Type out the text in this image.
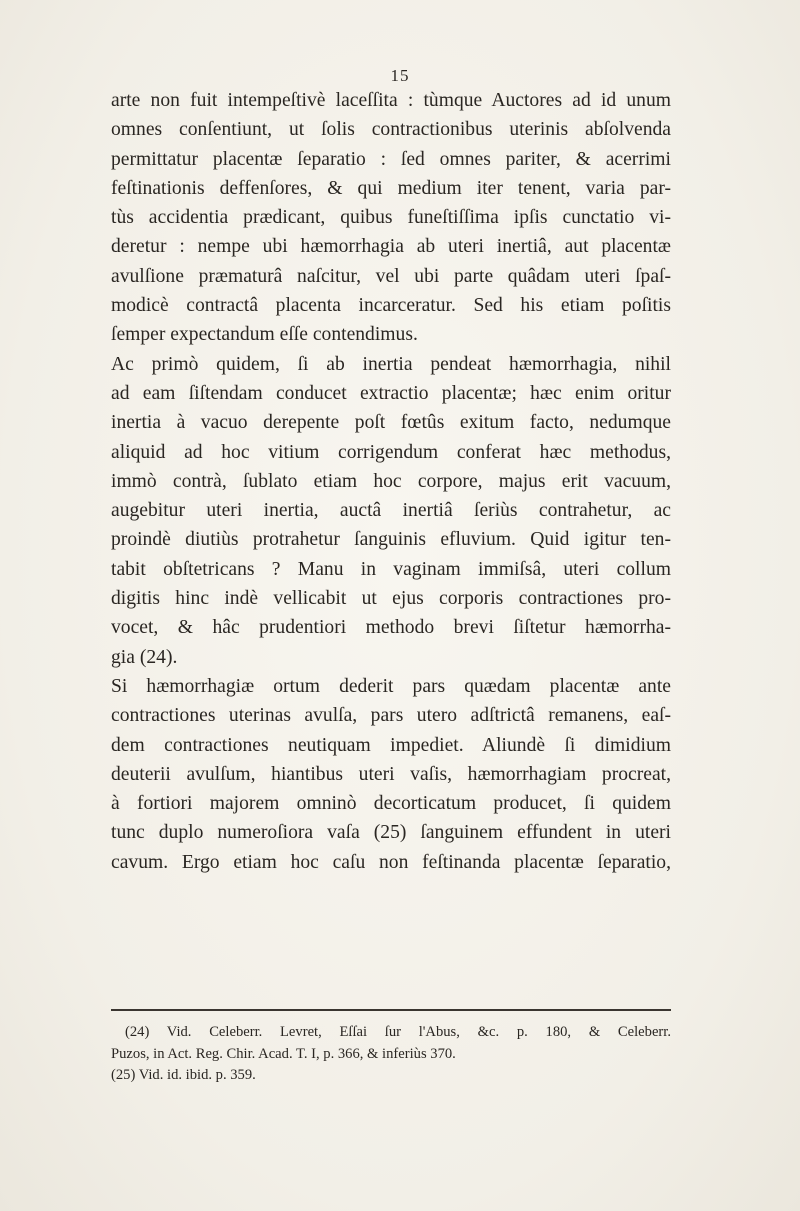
15
arte non fuit intempeſtivè laceſſita : tùmque Auctores ad id unum
omnes conſentiunt, ut ſolis contractionibus uterinis abſolvenda
permittatur placentæ ſeparatio : ſed omnes pariter, & acerrimi
feſtinationis deffenſores, & qui medium iter tenent, varia par-
tùs accidentia prædicant, quibus funeſtiſſima ipſis cunctatio vi-
deretur : nempe ubi hæmorrhagia ab uteri inertiâ, aut placentæ
avulſione præmaturâ naſcitur, vel ubi parte quâdam uteri ſpaſ-
modicè contractâ placenta incarceratur. Sed his etiam poſitis
ſemper expectandum eſſe contendimus.
Ac primò quidem, ſi ab inertia pendeat hæmorrhagia, nihil
ad eam ſiſtendam conducet extractio placentæ; hæc enim oritur
inertia à vacuo derepente poſt fœtûs exitum facto, nedumque
aliquid ad hoc vitium corrigendum conferat hæc methodus,
immò contrà, ſublato etiam hoc corpore, majus erit vacuum,
augebitur uteri inertia, auctâ inertiâ ſeriùs contrahetur, ac
proindè diutiùs protrahetur ſanguinis efluvium. Quid igitur ten-
tabit obſtetricans ? Manu in vaginam immiſsâ, uteri collum
digitis hinc indè vellicabit ut ejus corporis contractiones pro-
vocet, & hâc prudentiori methodo brevi ſiſtetur hæmorrha-
gia (24).
Si hæmorrhagiæ ortum dederit pars quædam placentæ ante
contractiones uterinas avulſa, pars utero adſtrictâ remanens, eaſ-
dem contractiones neutiquam impediet. Aliundè ſi dimidium
deuterii avulſum, hiantibus uteri vaſis, hæmorrhagiam procreat,
à fortiori majorem omninò decorticatum producet, ſi quidem
tunc duplo numeroſiora vaſa (25) ſanguinem effundent in uteri
cavum. Ergo etiam hoc caſu non feſtinanda placentæ ſeparatio,
(24) Vid. Celeberr. Levret, Eſſai ſur l'Abus, &c. p. 180, & Celeberr.
Puzos, in Act. Reg. Chir. Acad. T. I, p. 366, & inferiùs 370.
(25) Vid. id. ibid. p. 359.
